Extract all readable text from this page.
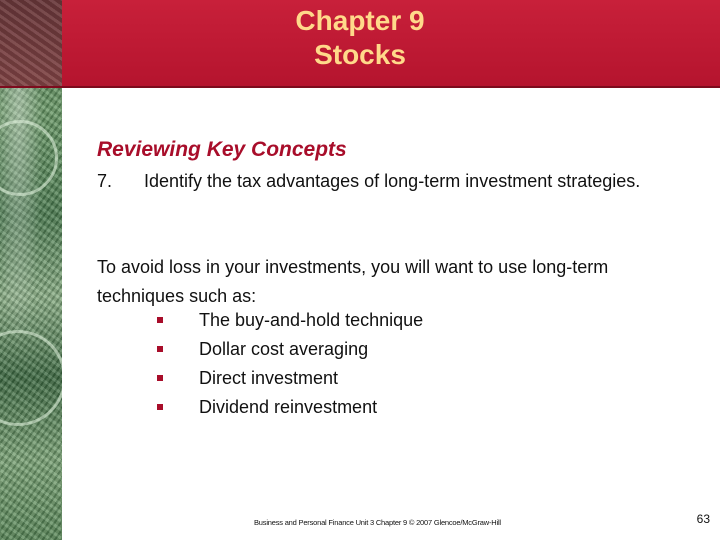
Chapter 9
Stocks
Reviewing Key Concepts
7. Identify the tax advantages of long-term investment strategies.
To avoid loss in your investments, you will want to use long-term techniques such as:
The buy-and-hold technique
Dollar cost averaging
Direct investment
Dividend reinvestment
Business and Personal Finance Unit 3 Chapter 9 © 2007 Glencoe/McGraw-Hill	63
